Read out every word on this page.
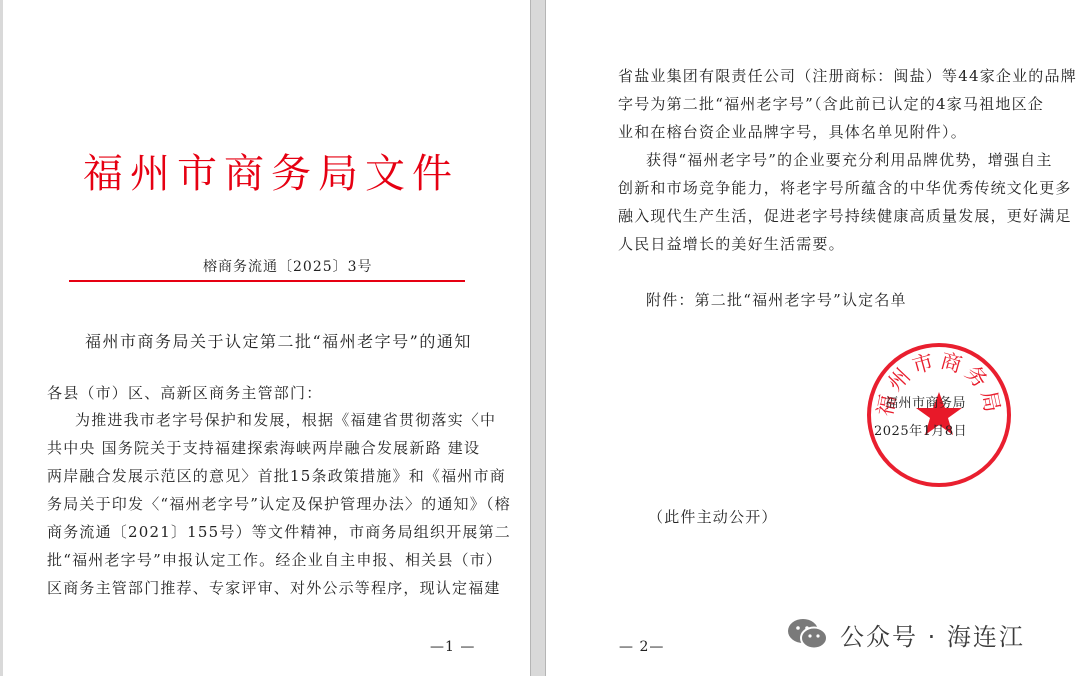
福州市商务局文件
榕商务流通〔2025〕3号
福州市商务局关于认定第二批“福州老字号”的通知
各县（市）区、高新区商务主管部门：
为推进我市老字号保护和发展，根据《福建省贯彻落实〈中
共中央 国务院关于支持福建探索海峡两岸融合发展新路 建设
两岸融合发展示范区的意见〉首批15条政策措施》和《福州市商
务局关于印发〈“福州老字号”认定及保护管理办法〉的通知》（榕
商务流通〔2021〕155号）等文件精神，市商务局组织开展第二
批“福州老字号”申报认定工作。经企业自主申报、相关县（市）
区商务主管部门推荐、专家评审、对外公示等程序，现认定福建
—1 —
省盐业集团有限责任公司（注册商标：闽盐）等44家企业的品牌
字号为第二批“福州老字号”（含此前已认定的4家马祖地区企
业和在榕台资企业品牌字号，具体名单见附件）。
获得“福州老字号”的企业要充分利用品牌优势，增强自主
创新和市场竞争能力，将老字号所蕴含的中华优秀传统文化更多
融入现代生产生活，促进老字号持续健康高质量发展，更好满足
人民日益增长的美好生活需要。
附件：第二批“福州老字号”认定名单
福州市商务局
福州市商务局
2025年1月8日
（此件主动公开）
— 2—	公众号 · 海连江
